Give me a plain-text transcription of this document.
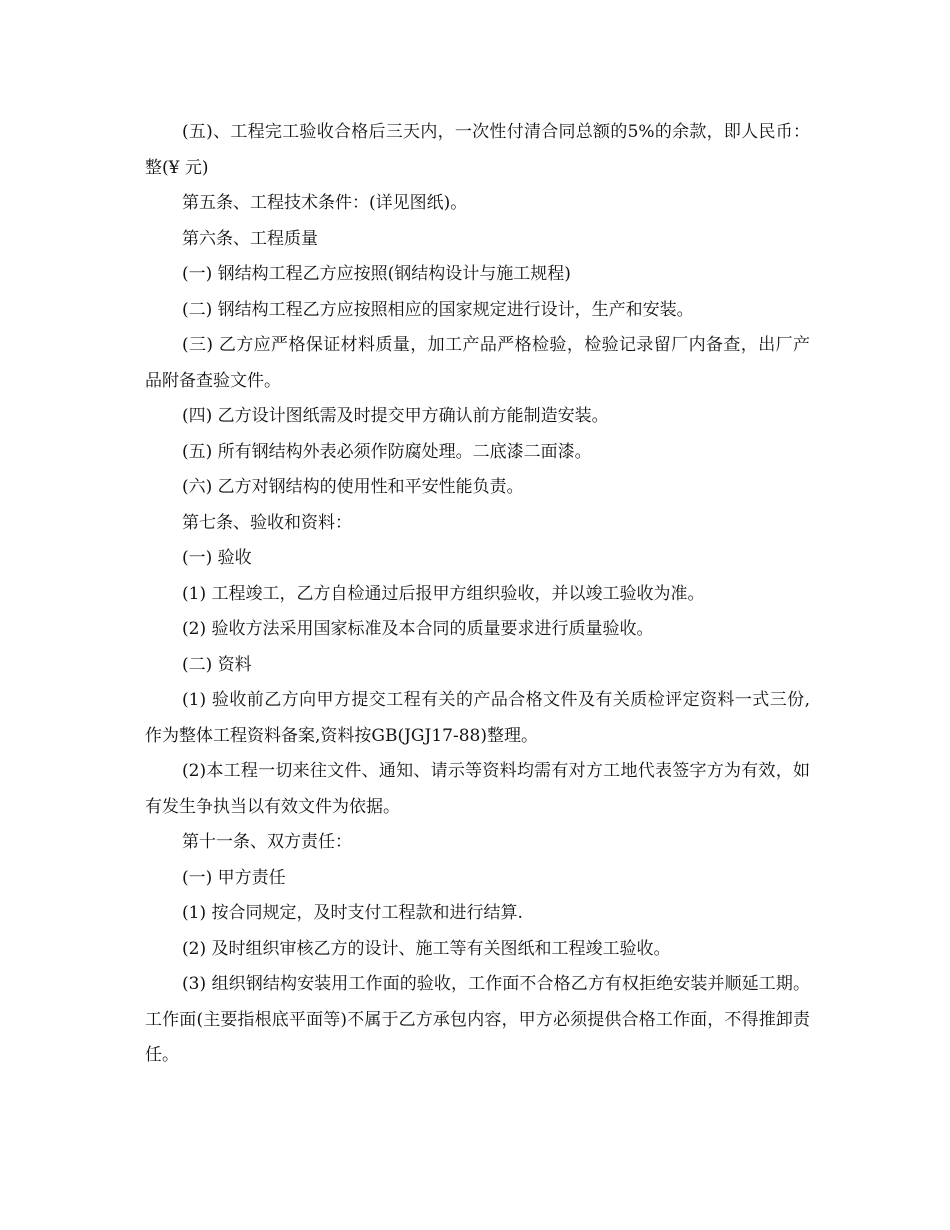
(五)、工程完工验收合格后三天内，一次性付清合同总额的5%的余款，即人民币： 整(¥ 元)

第五条、工程技术条件：(详见图纸)。

第六条、工程质量

(一) 钢结构工程乙方应按照(钢结构设计与施工规程)

(二) 钢结构工程乙方应按照相应的国家规定进行设计，生产和安装。

(三) 乙方应严格保证材料质量，加工产品严格检验，检验记录留厂内备查，出厂产品附备查验文件。

(四) 乙方设计图纸需及时提交甲方确认前方能制造安装。

(五) 所有钢结构外表必须作防腐处理。二底漆二面漆。

(六) 乙方对钢结构的使用性和平安性能负责。

第七条、验收和资料：

(一) 验收

(1) 工程竣工，乙方自检通过后报甲方组织验收，并以竣工验收为准。

(2) 验收方法采用国家标准及本合同的质量要求进行质量验收。

(二) 资料

(1) 验收前乙方向甲方提交工程有关的产品合格文件及有关质检评定资料一式三份,作为整体工程资料备案,资料按GB(JGJ17-88)整理。

(2)本工程一切来往文件、通知、请示等资料均需有对方工地代表签字方为有效，如有发生争执当以有效文件为依据。

第十一条、双方责任：

(一) 甲方责任

(1) 按合同规定，及时支付工程款和进行结算.

(2) 及时组织审核乙方的设计、施工等有关图纸和工程竣工验收。

(3) 组织钢结构安装用工作面的验收，工作面不合格乙方有权拒绝安装并顺延工期。工作面(主要指根底平面等)不属于乙方承包内容，甲方必须提供合格工作面，不得推卸责任。
